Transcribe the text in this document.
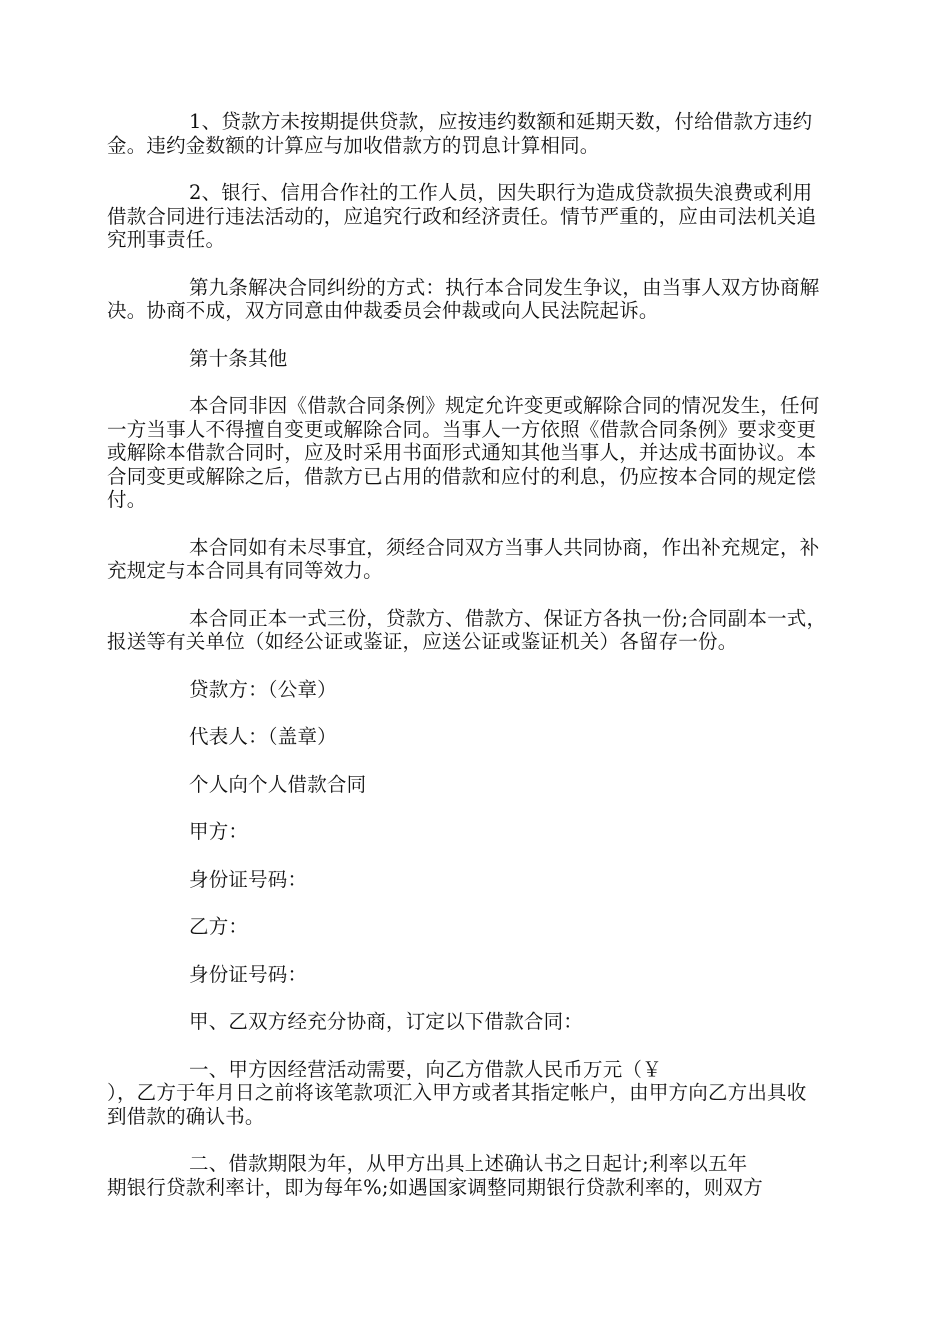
1、贷款方未按期提供贷款，应按违约数额和延期天数，付给借款方违约
金。违约金数额的计算应与加收借款方的罚息计算相同。

2、银行、信用合作社的工作人员，因失职行为造成贷款损失浪费或利用
借款合同进行违法活动的，应追究行政和经济责任。情节严重的，应由司法机关追
究刑事责任。

第九条解决合同纠纷的方式：执行本合同发生争议，由当事人双方协商解
决。协商不成，双方同意由仲裁委员会仲裁或向人民法院起诉。

第十条其他

本合同非因《借款合同条例》规定允许变更或解除合同的情况发生，任何
一方当事人不得擅自变更或解除合同。当事人一方依照《借款合同条例》要求变更
或解除本借款合同时，应及时采用书面形式通知其他当事人，并达成书面协议。本
合同变更或解除之后，借款方已占用的借款和应付的利息，仍应按本合同的规定偿
付。

本合同如有未尽事宜，须经合同双方当事人共同协商，作出补充规定，补
充规定与本合同具有同等效力。

本合同正本一式三份，贷款方、借款方、保证方各执一份;合同副本一式，
报送等有关单位（如经公证或鉴证，应送公证或鉴证机关）各留存一份。

贷款方：（公章）

代表人：（盖章）

个人向个人借款合同

甲方：

身份证号码：

乙方：

身份证号码：

甲、乙双方经充分协商，订定以下借款合同：

一、甲方因经营活动需要，向乙方借款人民币万元（￥
），乙方于年月日之前将该笔款项汇入甲方或者其指定帐户，由甲方向乙方出具收
到借款的确认书。

二、借款期限为年，从甲方出具上述确认书之日起计;利率以五年
期银行贷款利率计，即为每年%;如遇国家调整同期银行贷款利率的，则双方
